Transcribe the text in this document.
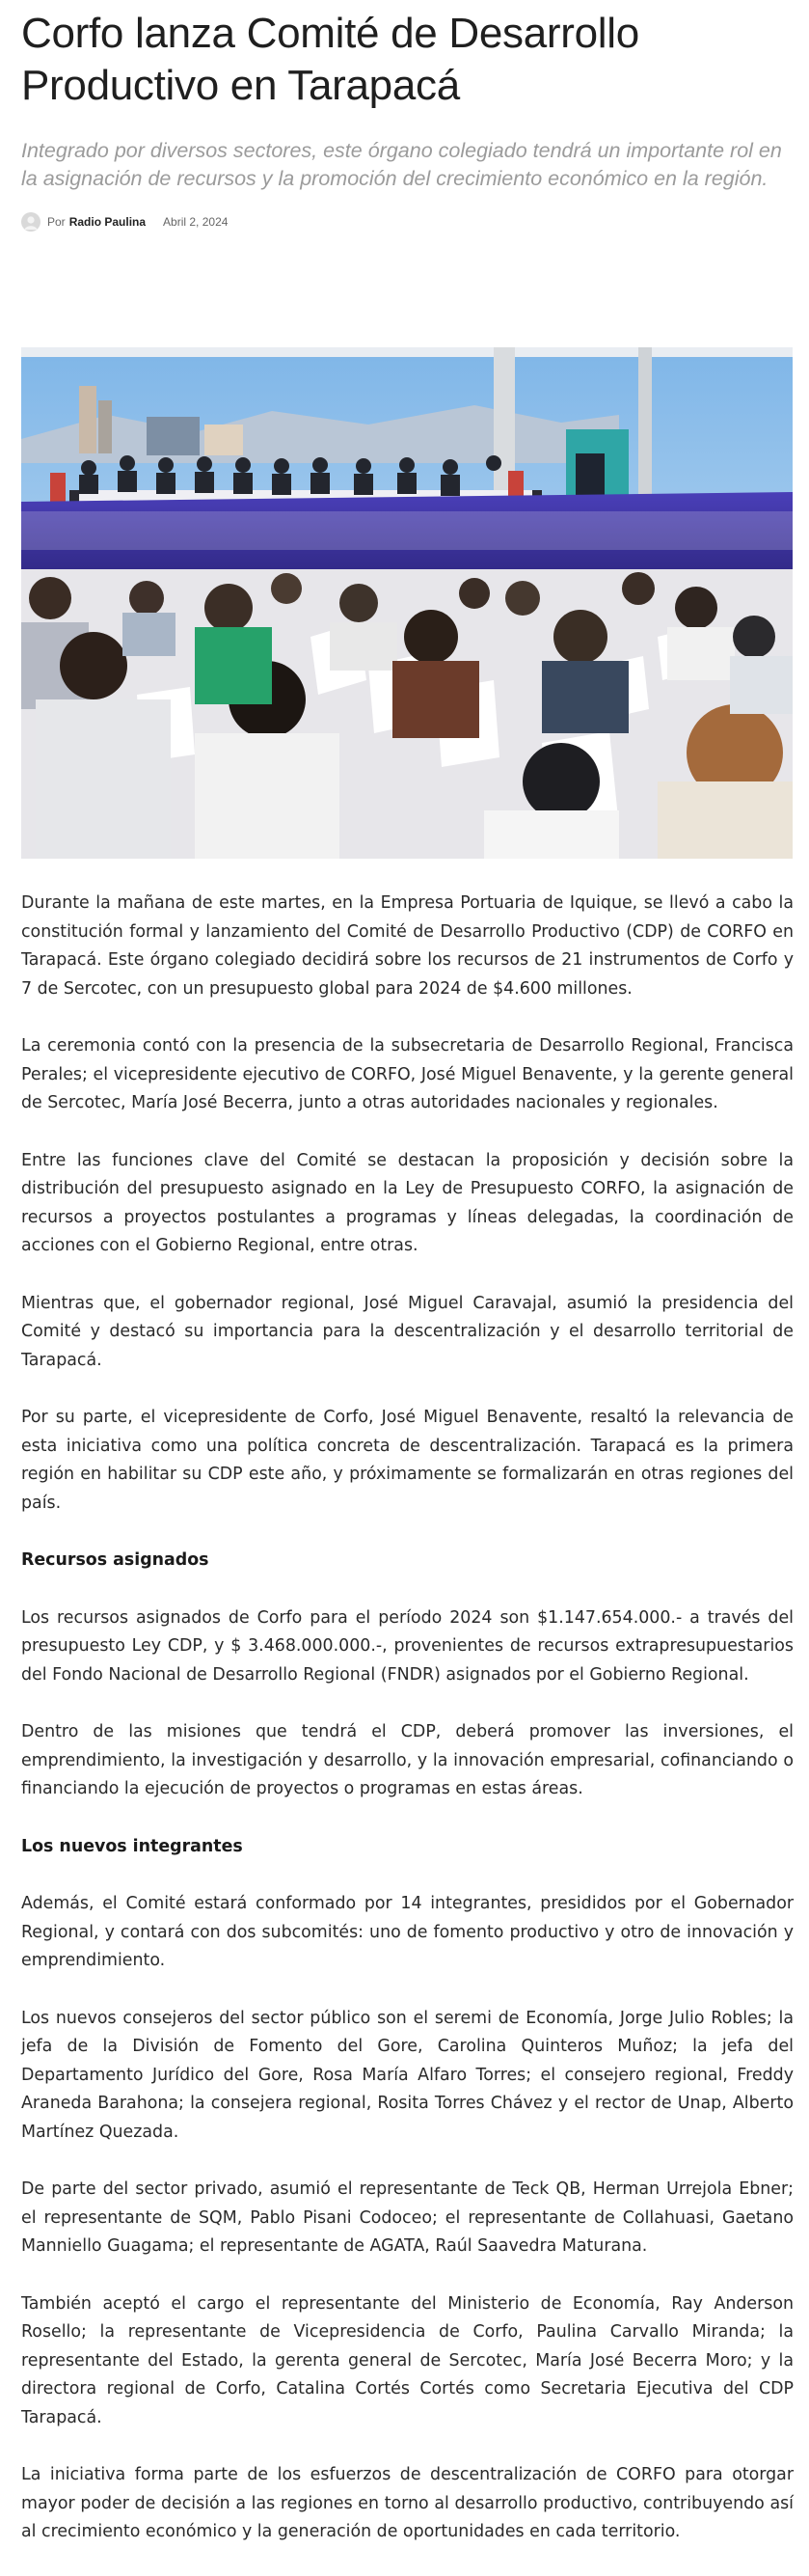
Corfo lanza Comité de Desarrollo Productivo en Tarapacá

Integrado por diversos sectores, este órgano colegiado tendrá un importante rol en la asignación de recursos y la promoción del crecimiento económico en la región.

Por Radio Paulina Abril 2, 2024

Durante la mañana de este martes, en la Empresa Portuaria de Iquique, se llevó a cabo la constitución formal y lanzamiento del Comité de Desarrollo Productivo (CDP) de CORFO en Tarapacá. Este órgano colegiado decidirá sobre los recursos de 21 instrumentos de Corfo y 7 de Sercotec, con un presupuesto global para 2024 de $4.600 millones.

La ceremonia contó con la presencia de la subsecretaria de Desarrollo Regional, Francisca Perales; el vicepresidente ejecutivo de CORFO, José Miguel Benavente, y la gerente general de Sercotec, María José Becerra, junto a otras autoridades nacionales y regionales.

Entre las funciones clave del Comité se destacan la proposición y decisión sobre la distribución del presupuesto asignado en la Ley de Presupuesto CORFO, la asignación de recursos a proyectos postulantes a programas y líneas delegadas, la coordinación de acciones con el Gobierno Regional, entre otras.

Mientras que, el gobernador regional, José Miguel Caravajal, asumió la presidencia del Comité y destacó su importancia para la descentralización y el desarrollo territorial de Tarapacá.

Por su parte, el vicepresidente de Corfo, José Miguel Benavente, resaltó la relevancia de esta iniciativa como una política concreta de descentralización. Tarapacá es la primera región en habilitar su CDP este año, y próximamente se formalizarán en otras regiones del país.

Recursos asignados

Los recursos asignados de Corfo para el período 2024 son $1.147.654.000.- a través del presupuesto Ley CDP, y $ 3.468.000.000.-, provenientes de recursos extrapresupuestarios del Fondo Nacional de Desarrollo Regional (FNDR) asignados por el Gobierno Regional.

Dentro de las misiones que tendrá el CDP, deberá promover las inversiones, el emprendimiento, la investigación y desarrollo, y la innovación empresarial, cofinanciando o financiando la ejecución de proyectos o programas en estas áreas.

Los nuevos integrantes

Además, el Comité estará conformado por 14 integrantes, presididos por el Gobernador Regional, y contará con dos subcomités: uno de fomento productivo y otro de innovación y emprendimiento.

Los nuevos consejeros del sector público son el seremi de Economía, Jorge Julio Robles; la jefa de la División de Fomento del Gore, Carolina Quinteros Muñoz; la jefa del Departamento Jurídico del Gore, Rosa María Alfaro Torres; el consejero regional, Freddy Araneda Barahona; la consejera regional, Rosita Torres Chávez y el rector de Unap, Alberto Martínez Quezada.

De parte del sector privado, asumió el representante de Teck QB, Herman Urrejola Ebner; el representante de SQM, Pablo Pisani Codoceo; el representante de Collahuasi, Gaetano Manniello Guagama; el representante de AGATA, Raúl Saavedra Maturana.

También aceptó el cargo el representante del Ministerio de Economía, Ray Anderson Rosello; la representante de Vicepresidencia de Corfo, Paulina Carvallo Miranda; la representante del Estado, la gerenta general de Sercotec, María José Becerra Moro; y la directora regional de Corfo, Catalina Cortés Cortés como Secretaria Ejecutiva del CDP Tarapacá.

La iniciativa forma parte de los esfuerzos de descentralización de CORFO para otorgar mayor poder de decisión a las regiones en torno al desarrollo productivo, contribuyendo así al crecimiento económico y la generación de oportunidades en cada territorio.
